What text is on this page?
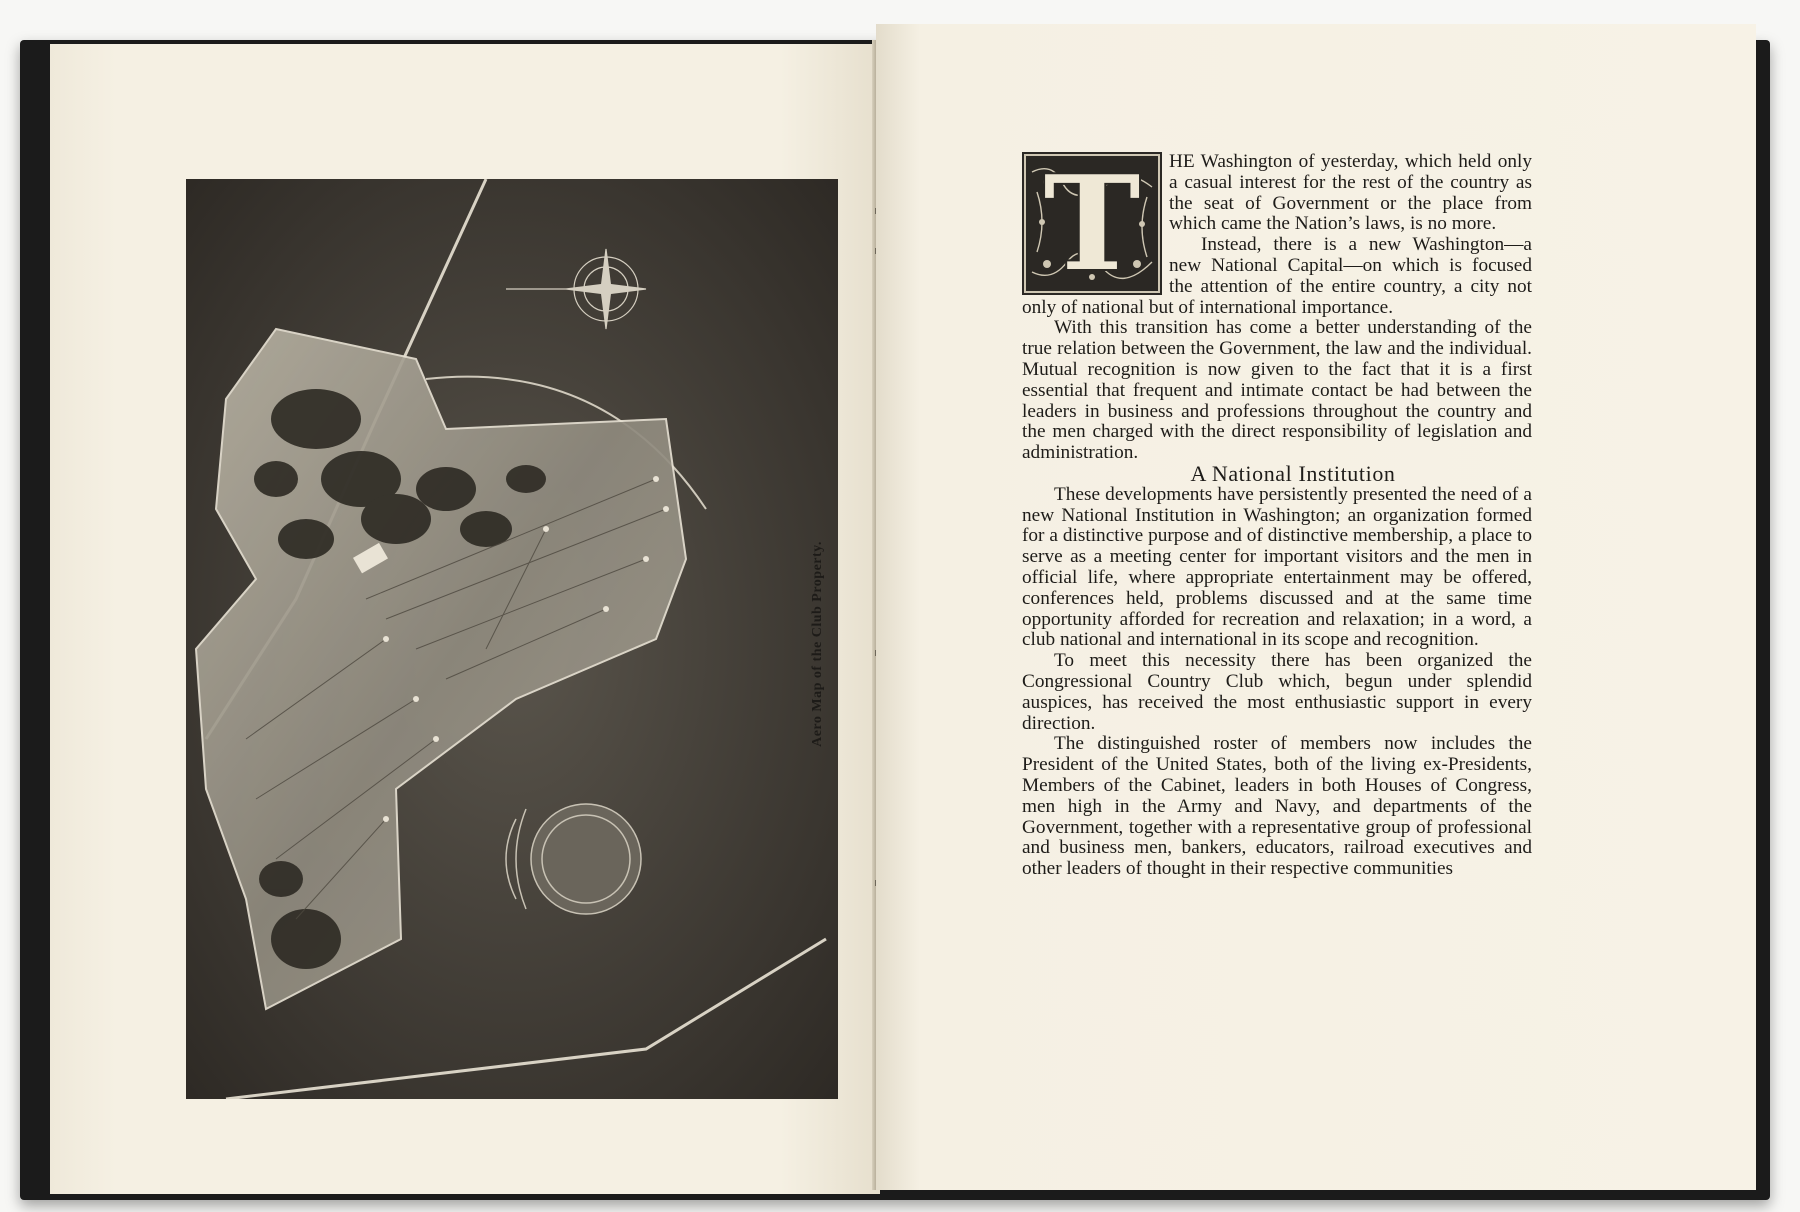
Aero Map of the Club Property.
T	HE Washington of yesterday, which held only a casual interest for the rest of the country as the seat of Government or the place from which came the Nation’s laws, is no more.

Instead, there is a new Washington—a new National Capital—on which is focused the attention of the entire country, a city not only of national but of international importance.

With this transition has come a better understanding of the true relation between the Government, the law and the individual. Mutual recognition is now given to the fact that it is a first essential that frequent and intimate contact be had between the leaders in business and professions throughout the country and the men charged with the direct responsibility of legislation and administration.

A National Institution

These developments have persistently presented the need of a new National Institution in Washington; an organization formed for a distinctive purpose and of distinctive membership, a place to serve as a meeting center for important visitors and the men in official life, where appropriate entertainment may be offered, conferences held, problems discussed and at the same time opportunity afforded for recreation and relaxation; in a word, a club national and international in its scope and recognition.

To meet this necessity there has been organized the Congressional Country Club which, begun under splendid auspices, has received the most enthusiastic support in every direction.

The distinguished roster of members now includes the President of the United States, both of the living ex-Presidents, Members of the Cabinet, leaders in both Houses of Congress, men high in the Army and Navy, and departments of the Government, together with a representative group of professional and business men, bankers, educators, railroad executives and other leaders of thought in their respective communities
